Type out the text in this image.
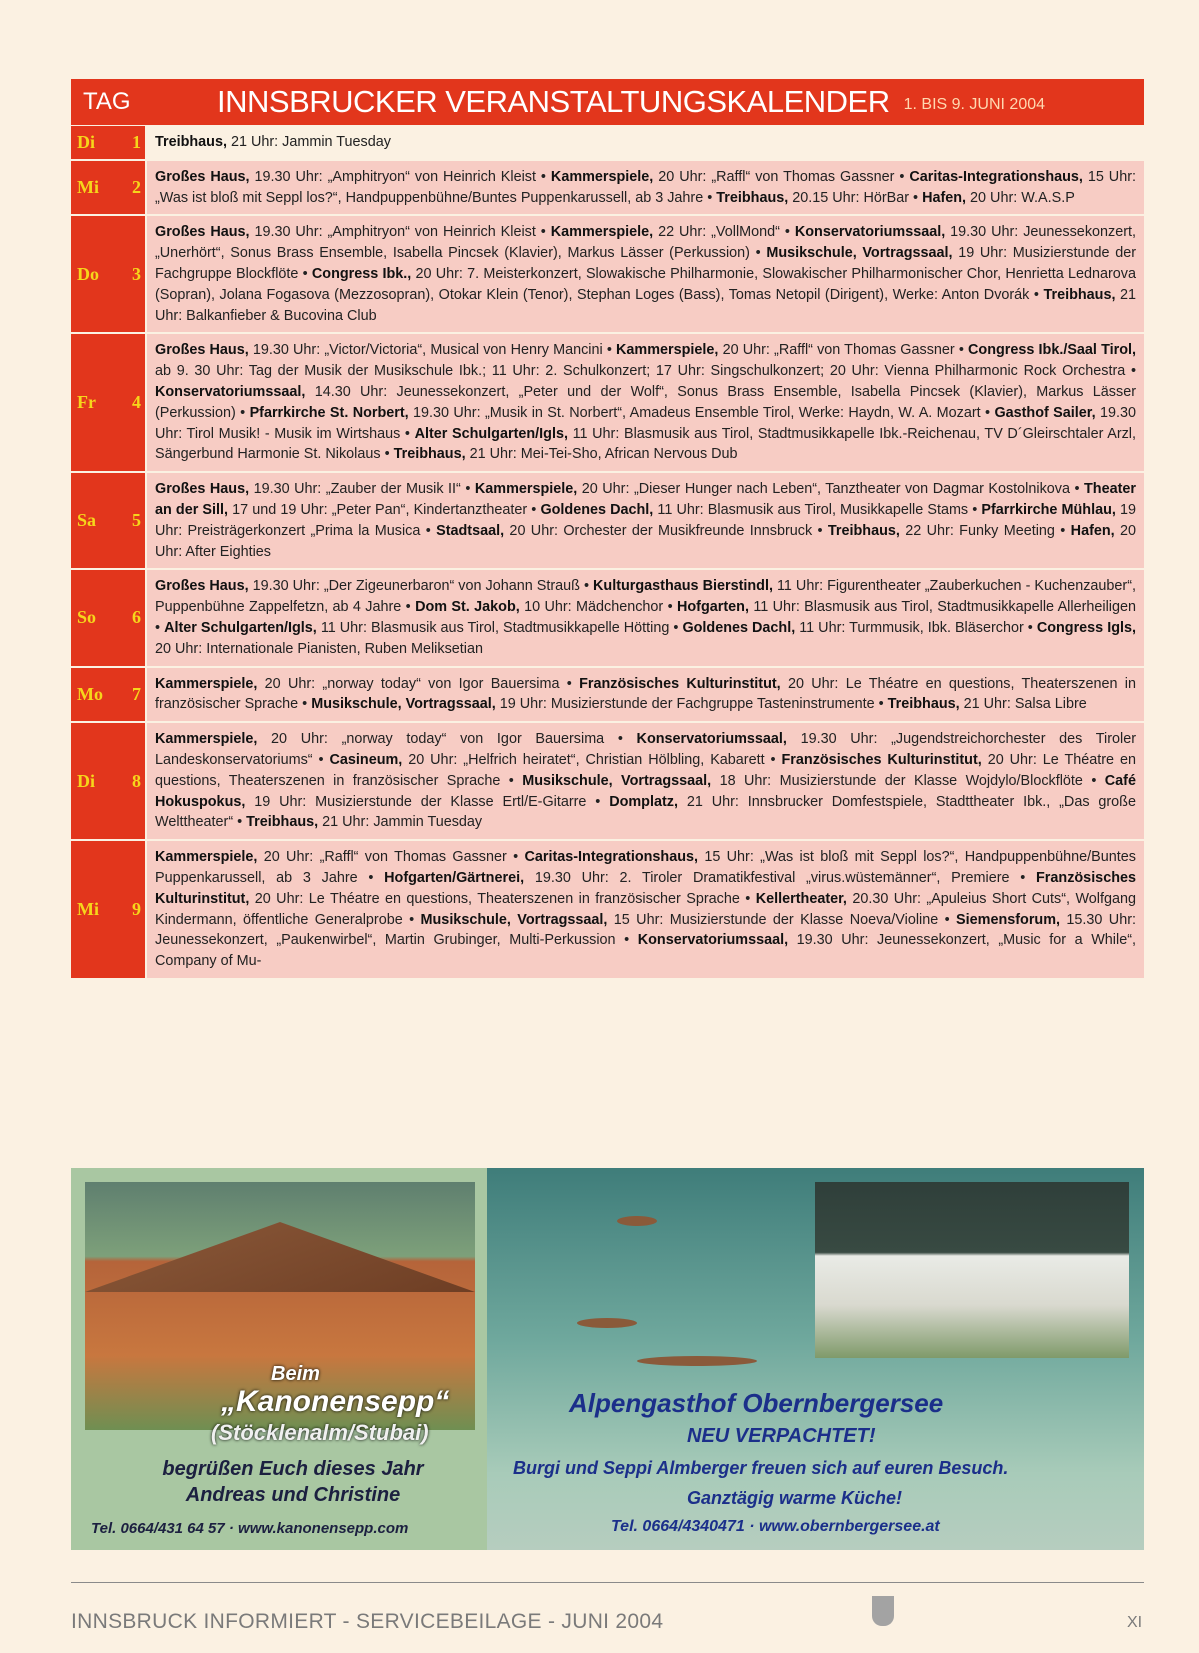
TAG	INNSBRUCKER VERANSTALTUNGSKALENDER 1. BIS 9. JUNI 2004
Di 1 Treibhaus, 21 Uhr: Jammin Tuesday
Mi 2
Großes Haus, 19.30 Uhr: „Amphitryon“ von Heinrich Kleist • Kammerspiele, 20 Uhr: „Raffl“ von Thomas Gassner • Caritas-Integrationshaus, 15 Uhr: „Was ist bloß mit Seppl los?“, Handpuppenbühne/Buntes Puppenkarussell, ab 3 Jahre • Treibhaus, 20.15 Uhr: HörBar • Hafen, 20 Uhr: W.A.S.P
Do 3
Großes Haus, 19.30 Uhr: „Amphitryon“ von Heinrich Kleist • Kammerspiele, 22 Uhr: „VollMond“ • Konservatoriumssaal, 19.30 Uhr: Jeunessekonzert, „Unerhört“, Sonus Brass Ensemble, Isabella Pincsek (Klavier), Markus Lässer (Perkussion) • Musikschule, Vortragssaal, 19 Uhr: Musizierstunde der Fachgruppe Blockflöte • Congress Ibk., 20 Uhr: 7. Meisterkonzert, Slowakische Philharmonie, Slowakischer Philharmonischer Chor, Henrietta Lednarova (Sopran), Jolana Fogasova (Mezzosopran), Otokar Klein (Tenor), Stephan Loges (Bass), Tomas Netopil (Dirigent), Werke: Anton Dvorák • Treibhaus, 21 Uhr: Balkanfieber & Bucovina Club
Fr 4
Großes Haus, 19.30 Uhr: „Victor/Victoria“, Musical von Henry Mancini • Kammerspiele, 20 Uhr: „Raffl“ von Thomas Gassner • Congress Ibk./Saal Tirol, ab 9. 30 Uhr: Tag der Musik der Musikschule Ibk.; 11 Uhr: 2. Schulkonzert; 17 Uhr: Singschulkonzert; 20 Uhr: Vienna Philharmonic Rock Orchestra • Konservatoriumssaal, 14.30 Uhr: Jeunessekonzert, „Peter und der Wolf“, Sonus Brass Ensemble, Isabella Pincsek (Klavier), Markus Lässer (Perkussion) • Pfarrkirche St. Norbert, 19.30 Uhr: „Musik in St. Norbert“, Amadeus Ensemble Tirol, Werke: Haydn, W. A. Mozart • Gasthof Sailer, 19.30 Uhr: Tirol Musik! - Musik im Wirtshaus • Alter Schulgarten/Igls, 11 Uhr: Blasmusik aus Tirol, Stadtmusikkapelle Ibk.-Reichenau, TV D´Gleirschtaler Arzl, Sängerbund Harmonie St. Nikolaus • Treibhaus, 21 Uhr: Mei-Tei-Sho, African Nervous Dub
Sa 5
Großes Haus, 19.30 Uhr: „Zauber der Musik II“ • Kammerspiele, 20 Uhr: „Dieser Hunger nach Leben“, Tanztheater von Dagmar Kostolnikova • Theater an der Sill, 17 und 19 Uhr: „Peter Pan“, Kindertanztheater • Goldenes Dachl, 11 Uhr: Blasmusik aus Tirol, Musikkapelle Stams • Pfarrkirche Mühlau, 19 Uhr: Preisträgerkonzert „Prima la Musica • Stadtsaal, 20 Uhr: Orchester der Musikfreunde Innsbruck • Treibhaus, 22 Uhr: Funky Meeting • Hafen, 20 Uhr: After Eighties
So 6
Großes Haus, 19.30 Uhr: „Der Zigeunerbaron“ von Johann Strauß • Kulturgasthaus Bierstindl, 11 Uhr: Figurentheater „Zauberkuchen - Kuchenzauber“, Puppenbühne Zappelfetzn, ab 4 Jahre • Dom St. Jakob, 10 Uhr: Mädchenchor • Hofgarten, 11 Uhr: Blasmusik aus Tirol, Stadtmusikkapelle Allerheiligen • Alter Schulgarten/Igls, 11 Uhr: Blasmusik aus Tirol, Stadtmusikkapelle Hötting • Goldenes Dachl, 11 Uhr: Turmmusik, Ibk. Bläserchor • Congress Igls, 20 Uhr: Internationale Pianisten, Ruben Meliksetian
Mo 7
Kammerspiele, 20 Uhr: „norway today“ von Igor Bauersima • Französisches Kulturinstitut, 20 Uhr: Le Théatre en questions, Theaterszenen in französischer Sprache • Musikschule, Vortragssaal, 19 Uhr: Musizierstunde der Fachgruppe Tasteninstrumente • Treibhaus, 21 Uhr: Salsa Libre
Di 8
Kammerspiele, 20 Uhr: „norway today“ von Igor Bauersima • Konservatoriumssaal, 19.30 Uhr: „Jugendstreichorchester des Tiroler Landeskonservatoriums“ • Casineum, 20 Uhr: „Helfrich heiratet“, Christian Hölbling, Kabarett • Französisches Kulturinstitut, 20 Uhr: Le Théatre en questions, Theaterszenen in französischer Sprache • Musikschule, Vortragssaal, 18 Uhr: Musizierstunde der Klasse Wojdylo/Blockflöte • Café Hokuspokus, 19 Uhr: Musizierstunde der Klasse Ertl/E-Gitarre • Domplatz, 21 Uhr: Innsbrucker Domfestspiele, Stadttheater Ibk., „Das große Welttheater“ • Treibhaus, 21 Uhr: Jammin Tuesday
Mi 9
Kammerspiele, 20 Uhr: „Raffl“ von Thomas Gassner • Caritas-Integrationshaus, 15 Uhr: „Was ist bloß mit Seppl los?“, Handpuppenbühne/Buntes Puppenkarussell, ab 3 Jahre • Hofgarten/Gärtnerei, 19.30 Uhr: 2. Tiroler Dramatikfestival „virus.wüstemänner“, Premiere • Französisches Kulturinstitut, 20 Uhr: Le Théatre en questions, Theaterszenen in französischer Sprache • Kellertheater, 20.30 Uhr: „Apuleius Short Cuts“, Wolfgang Kindermann, öffentliche Generalprobe • Musikschule, Vortragssaal, 15 Uhr: Musizierstunde der Klasse Noeva/Violine • Siemensforum, 15.30 Uhr: Jeunessekonzert, „Paukenwirbel“, Martin Grubinger, Multi-Perkussion • Konservatoriumssaal, 19.30 Uhr: Jeunessekonzert, „Music for a While“, Company of Mu-
Beim
„Kanonensepp“
(Stöcklenalm/Stubai)
begrüßen Euch dieses Jahr
Andreas und Christine
Tel. 0664/431 64 57 · www.kanonensepp.com
Alpengasthof Obernbergersee
NEU VERPACHTET!
Burgi und Seppi Almberger freuen sich auf euren Besuch.
Ganztägig warme Küche!
Tel. 0664/4340471 · www.obernbergersee.at
INNSBRUCK INFORMIERT - SERVICEBEILAGE - JUNI 2004	XI
